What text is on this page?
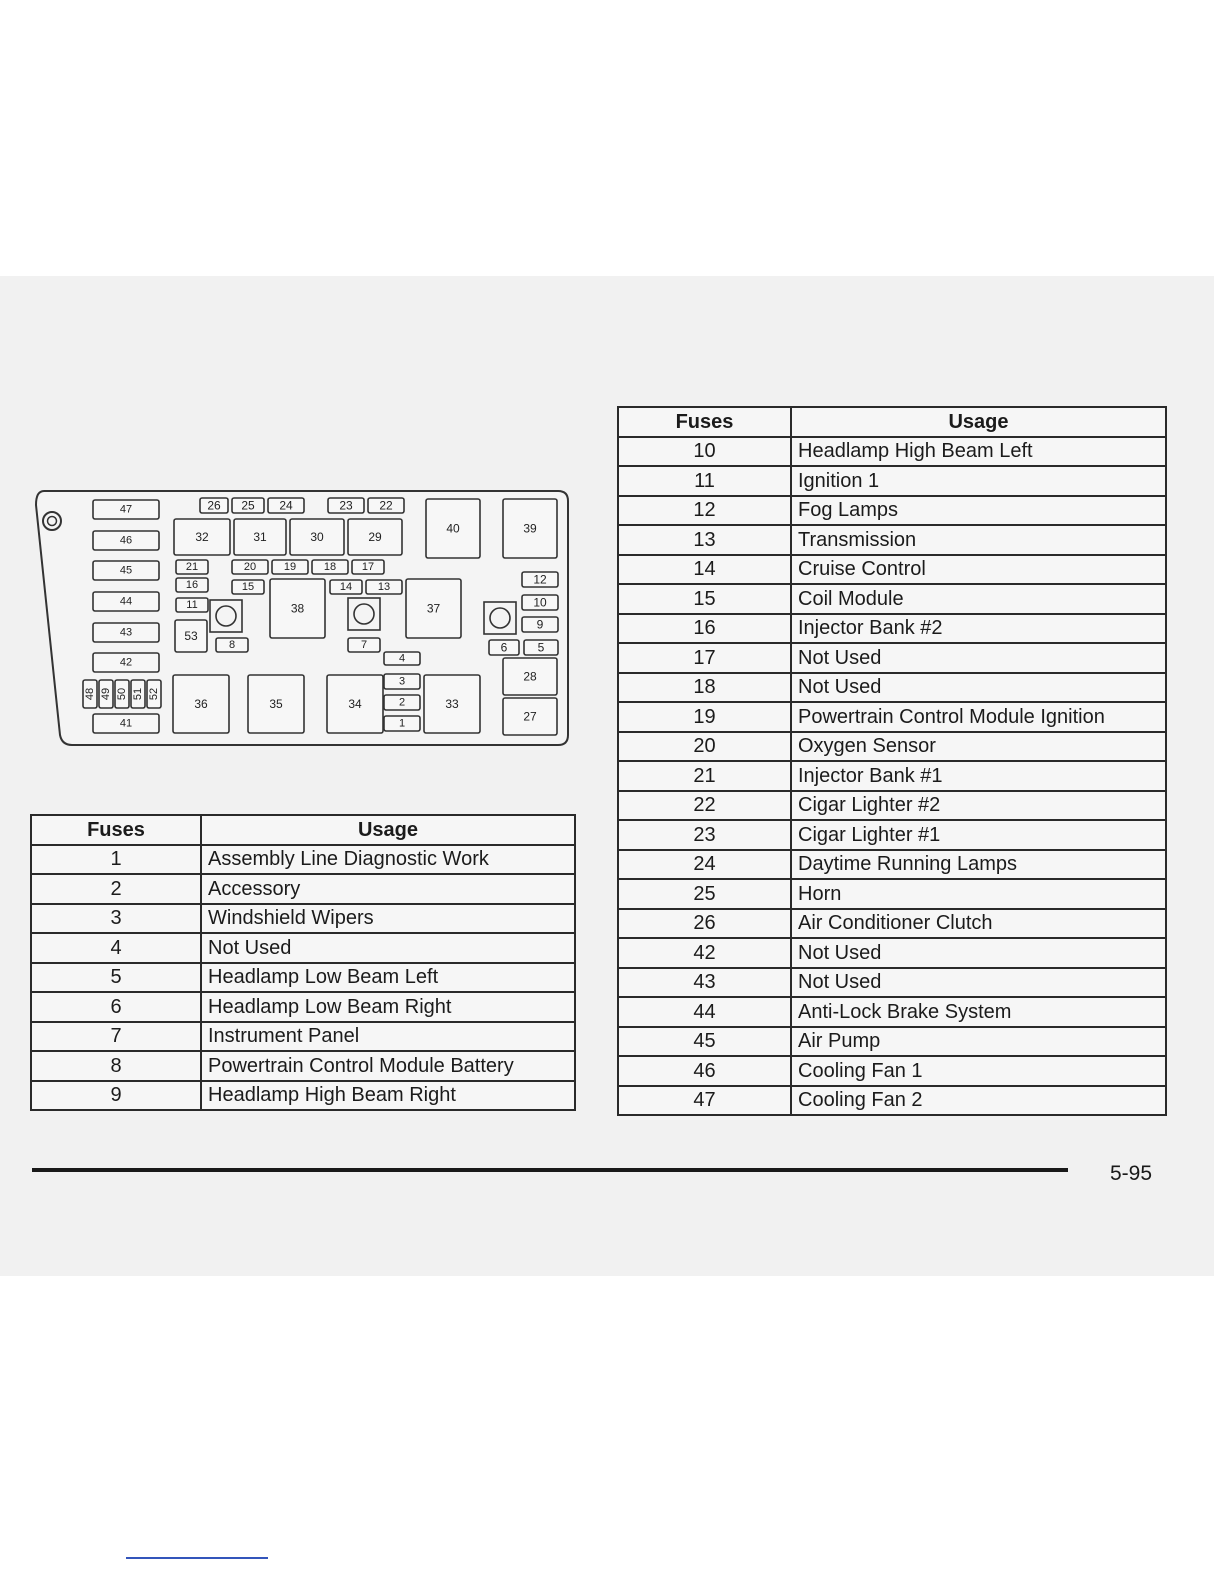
47
46
45
44
43
42
41
26 25 24	23 22
32	31	30	29
40	39
21
16
11
20	19	18 17
15	14 13
38	37
53
8	7
12
10
9
6	5
4
3
2
1
36	35	34	33
28
27
48 49 50 51 52
Fuses	Usage
1	Assembly Line Diagnostic Work
2	Accessory
3	Windshield Wipers
4	Not Used
5	Headlamp Low Beam Left
6	Headlamp Low Beam Right
7	Instrument Panel
8	Powertrain Control Module Battery
9	Headlamp High Beam Right
Fuses	Usage
10	Headlamp High Beam Left
11	Ignition 1
12	Fog Lamps
13	Transmission
14	Cruise Control
15	Coil Module
16	Injector Bank #2
17	Not Used
18	Not Used
19	Powertrain Control Module Ignition
20	Oxygen Sensor
21	Injector Bank #1
22	Cigar Lighter #2
23	Cigar Lighter #1
24	Daytime Running Lamps
25	Horn
26	Air Conditioner Clutch
42	Not Used
43	Not Used
44	Anti-Lock Brake System
45	Air Pump
46	Cooling Fan 1
47	Cooling Fan 2
5-95
